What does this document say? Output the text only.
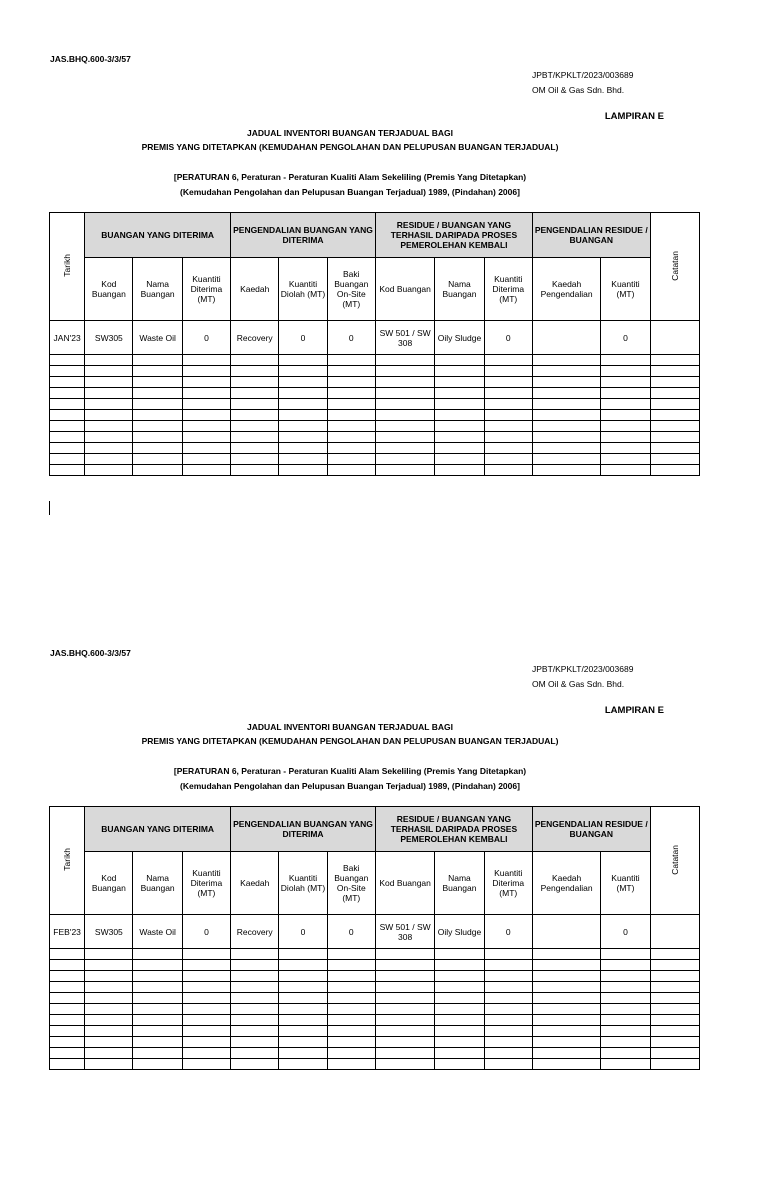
JAS.BHQ.600-3/3/57
JPBT/KPKLT/2023/003689
OM Oil & Gas Sdn. Bhd.
LAMPIRAN E
JADUAL INVENTORI BUANGAN TERJADUAL BAGI
PREMIS YANG DITETAPKAN (KEMUDAHAN PENGOLAHAN DAN PELUPUSAN BUANGAN TERJADUAL)
[PERATURAN 6, Peraturan - Peraturan Kualiti Alam Sekeliling (Premis Yang Ditetapkan)
(Kemudahan Pengolahan dan Pelupusan Buangan Terjadual) 1989, (Pindahan) 2006]
Tarikh	BUANGAN YANG DITERIMA			PENGENDALIAN BUANGAN YANG DITERIMA			RESIDUE / BUANGAN YANG TERHASIL DARIPADA PROSES PEMEROLEHAN KEMBALI			PENGENDALIAN RESIDUE / BUANGAN		Catatan
	Kod Buangan	Nama Buangan	Kuantiti Diterima (MT)	Kaedah	Kuantiti Diolah (MT)	Baki Buangan On-Site (MT)	Kod Buangan	Nama Buangan	Kuantiti Diterima (MT)	Kaedah Pengendalian	Kuantiti (MT)	
JAN'23	SW305	Waste Oil	0	Recovery	0	0	SW 501 / SW 308	Oily Sludge	0		0	

JAS.BHQ.600-3/3/57
JPBT/KPKLT/2023/003689
OM Oil & Gas Sdn. Bhd.
LAMPIRAN E
JADUAL INVENTORI BUANGAN TERJADUAL BAGI
PREMIS YANG DITETAPKAN (KEMUDAHAN PENGOLAHAN DAN PELUPUSAN BUANGAN TERJADUAL)
[PERATURAN 6, Peraturan - Peraturan Kualiti Alam Sekeliling (Premis Yang Ditetapkan)
(Kemudahan Pengolahan dan Pelupusan Buangan Terjadual) 1989, (Pindahan) 2006]
Tarikh	BUANGAN YANG DITERIMA			PENGENDALIAN BUANGAN YANG DITERIMA			RESIDUE / BUANGAN YANG TERHASIL DARIPADA PROSES PEMEROLEHAN KEMBALI			PENGENDALIAN RESIDUE / BUANGAN		Catatan
	Kod Buangan	Nama Buangan	Kuantiti Diterima (MT)	Kaedah	Kuantiti Diolah (MT)	Baki Buangan On-Site (MT)	Kod Buangan	Nama Buangan	Kuantiti Diterima (MT)	Kaedah Pengendalian	Kuantiti (MT)	
FEB'23	SW305	Waste Oil	0	Recovery	0	0	SW 501 / SW 308	Oily Sludge	0		0	
